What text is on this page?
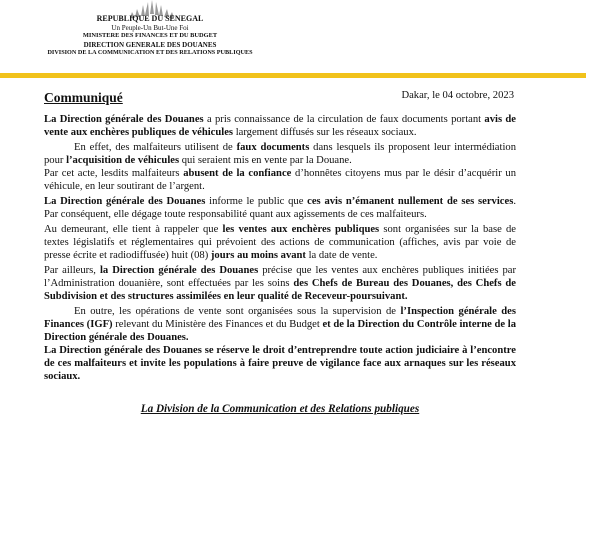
REPUBLIQUE DU SENEGAL
Un Peuple-Un But-Une Foi
MINISTERE DES FINANCES ET DU BUDGET
DIRECTION GENERALE DES DOUANES
DIVISION DE LA COMMUNICATION ET DES RELATIONS PUBLIQUES
Dakar, le 04 octobre, 2023
Communiqué

La Direction générale des Douanes a pris connaissance de la circulation de faux documents portant avis de vente aux enchères publiques de véhicules largement diffusés sur les réseaux sociaux.

En effet, des malfaiteurs utilisent de faux documents dans lesquels ils proposent leur intermédiation pour l’acquisition de véhicules qui seraient mis en vente par la Douane.

Par cet acte, lesdits malfaiteurs abusent de la confiance d’honnêtes citoyens mus par le désir d’acquérir un véhicule, en leur soutirant de l’argent.

La Direction générale des Douanes informe le public que ces avis n’émanent nullement de ses services. Par conséquent, elle dégage toute responsabilité quant aux agissements de ces malfaiteurs.

Au demeurant, elle tient à rappeler que les ventes aux enchères publiques sont organisées sur la base de textes législatifs et réglementaires qui prévoient des actions de communication (affiches, avis par voie de presse écrite et radiodiffusée) huit (08) jours au moins avant la date de vente.

Par ailleurs, la Direction générale des Douanes précise que les ventes aux enchères publiques initiées par l’Administration douanière, sont effectuées par les soins des Chefs de Bureau des Douanes, des Chefs de Subdivision et des structures assimilées en leur qualité de Receveur-poursuivant.

En outre, les opérations de vente sont organisées sous la supervision de l’Inspection générale des Finances (IGF) relevant du Ministère des Finances et du Budget et de la Direction du Contrôle interne de la Direction générale des Douanes.

La Direction générale des Douanes se réserve le droit d’entreprendre toute action judiciaire à l’encontre de ces malfaiteurs et invite les populations à faire preuve de vigilance face aux arnaques sur les réseaux sociaux.

La Division de la Communication et des Relations publiques
